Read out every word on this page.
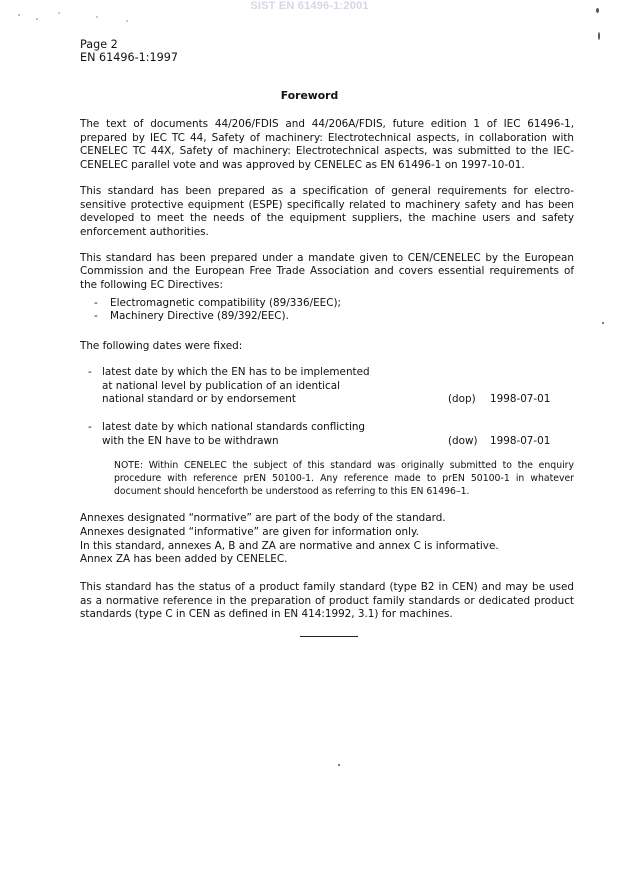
SIST EN 61496-1:2001
Page 2
EN 61496-1:1997
Foreword

The text of documents 44/206/FDIS and 44/206A/FDIS, future edition 1 of IEC 61496-1, prepared by IEC TC 44, Safety of machinery: Electrotechnical aspects, in collaboration with CENELEC TC 44X, Safety of machinery: Electrotechnical aspects, was submitted to the IEC-CENELEC parallel vote and was approved by CENELEC as EN 61496-1 on 1997-10-01.

This standard has been prepared as a specification of general requirements for electro-sensitive protective equipment (ESPE) specifically related to machinery safety and has been developed to meet the needs of the equipment suppliers, the machine users and safety enforcement authorities.

This standard has been prepared under a mandate given to CEN/CENELEC by the European Commission and the European Free Trade Association and covers essential requirements of the following EC Directives:

- Electromagnetic compatibility (89/336/EEC);
- Machinery Directive (89/392/EEC).

The following dates were fixed:

- latest date by which the EN has to be implemented
at national level by publication of an identical
national standard or by endorsement	(dop) 1998-07-01
- latest date by which national standards conflicting
with the EN have to be withdrawn	(dow) 1998-07-01

NOTE: Within CENELEC the subject of this standard was originally submitted to the enquiry procedure with reference prEN 50100-1. Any reference made to prEN 50100-1 in whatever document should henceforth be understood as referring to this EN 61496–1.

Annexes designated “normative” are part of the body of the standard.
Annexes designated “informative” are given for information only.
In this standard, annexes A, B and ZA are normative and annex C is informative.
Annex ZA has been added by CENELEC.

This standard has the status of a product family standard (type B2 in CEN) and may be used as a normative reference in the preparation of product family standards or dedicated product standards (type C in CEN as defined in EN 414:1992, 3.1) for machines.
